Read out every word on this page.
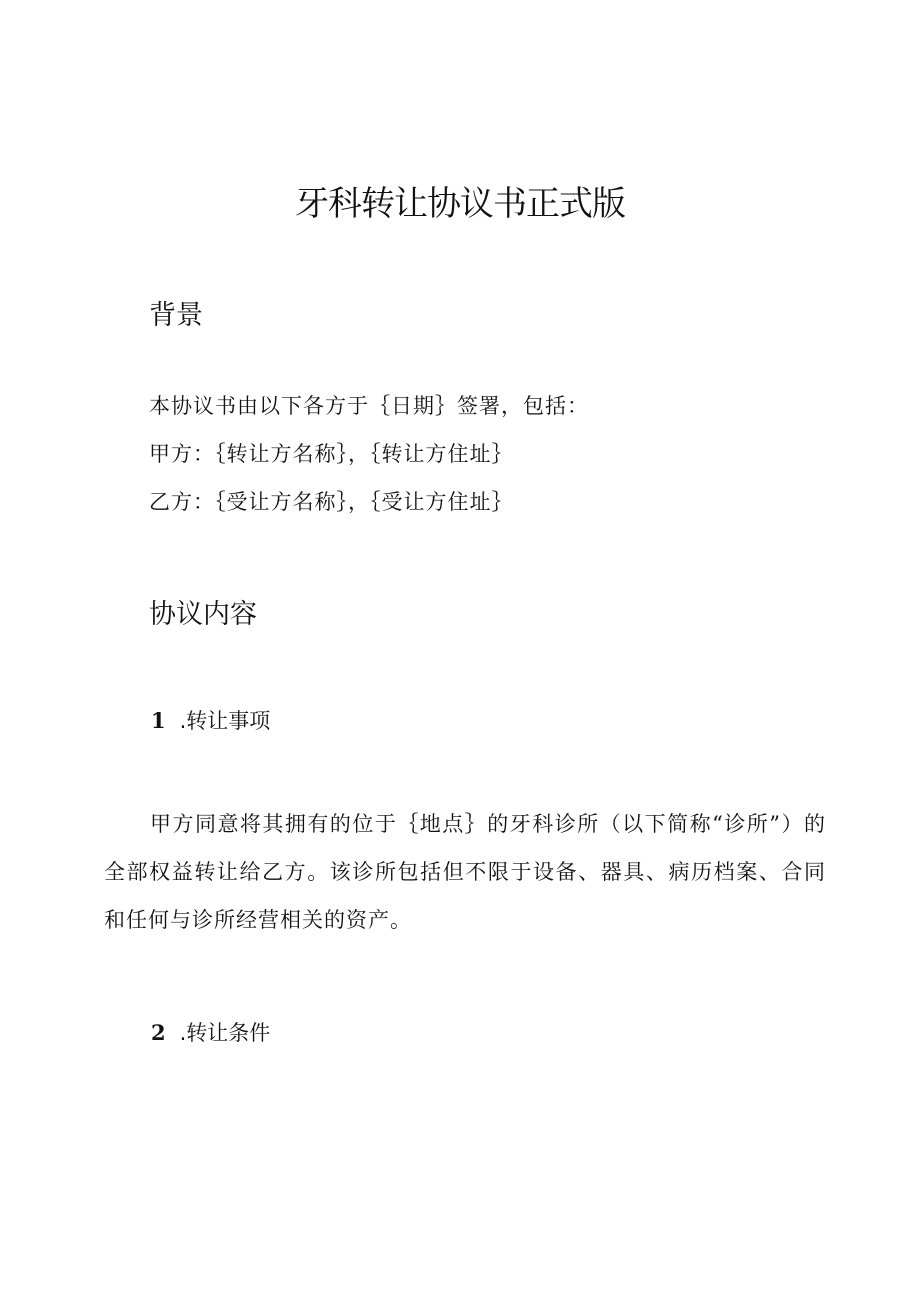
牙科转让协议书正式版
背景

本协议书由以下各方于｛日期｝签署，包括：

甲方：｛转让方名称｝，｛转让方住址｝

乙方：｛受让方名称｝，｛受让方住址｝

协议内容
1 .转让事项

甲方同意将其拥有的位于｛地点｝的牙科诊所（以下简称“诊所”）的全部权益转让给乙方。该诊所包括但不限于设备、器具、病历档案、合同和任何与诊所经营相关的资产。

2 .转让条件
